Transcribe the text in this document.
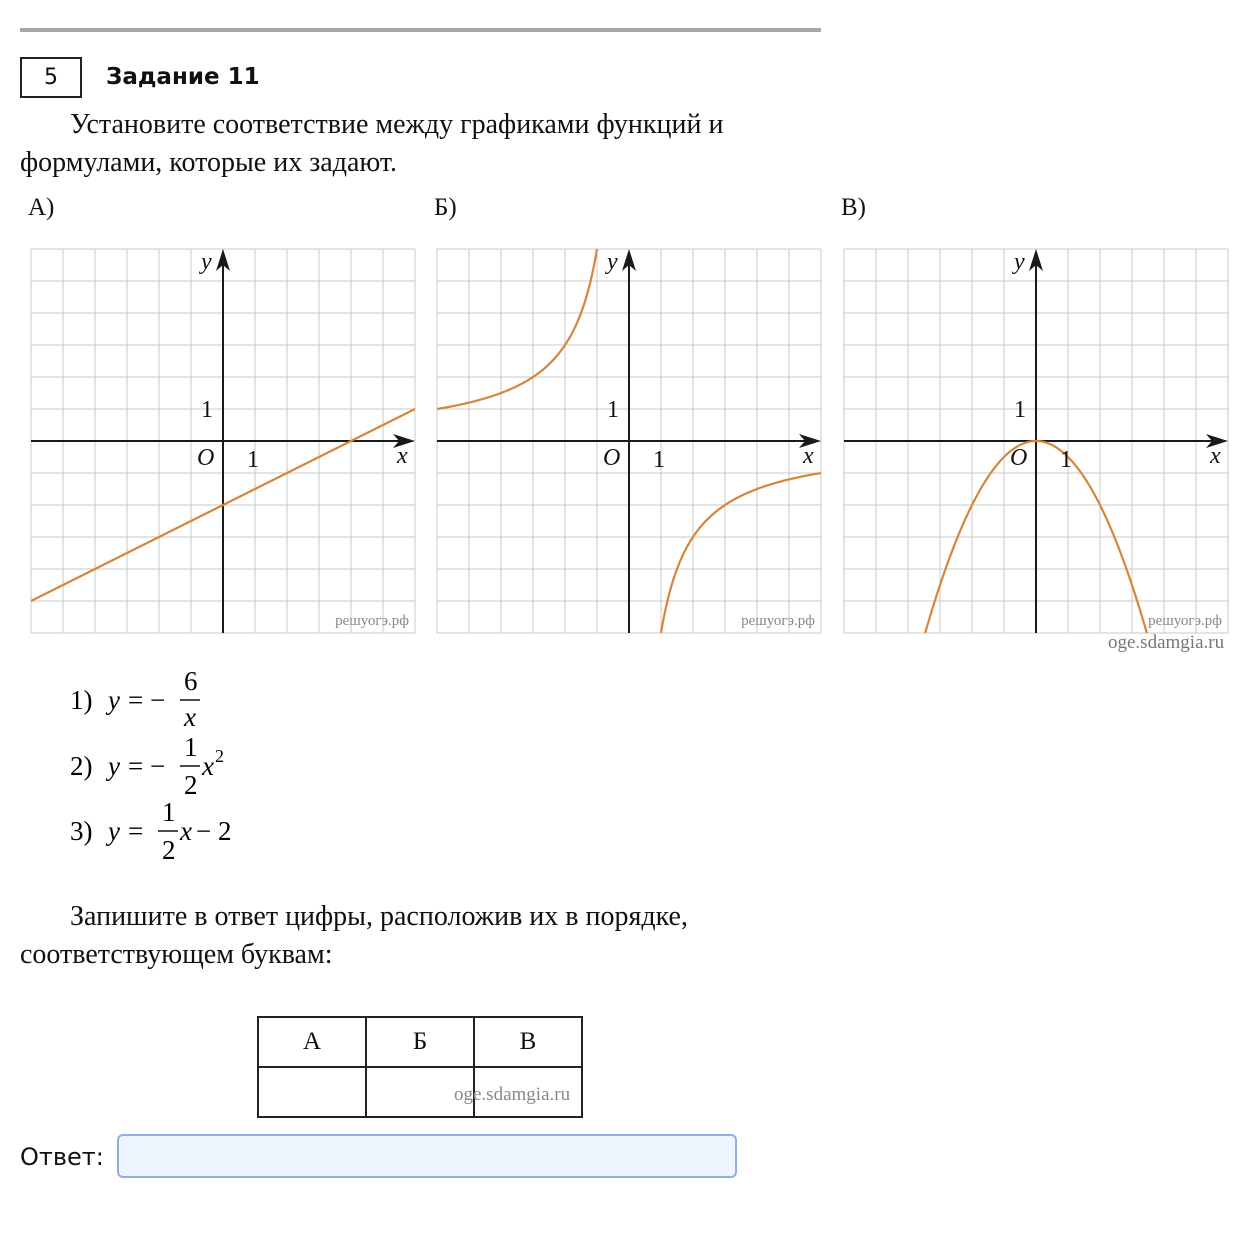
5	Задание 11
Установите соответствие между графиками функций и
формулами, которые их задают.
А)	Б)	В)
y
x
O 1
1
решуогэ.рф
y
x
O 1
1
решуогэ.рф
y
x
O 1
1
решуогэ.рф
oge.sdamgia.ru
1) y = −
6
x
2) y = −
1
2
x 2
3) y =
1
2
x − 2
Запишите в ответ цифры, расположив их в порядке,
соответствующем буквам:
А	Б	В

oge.sdamgia.ru
Ответ:
